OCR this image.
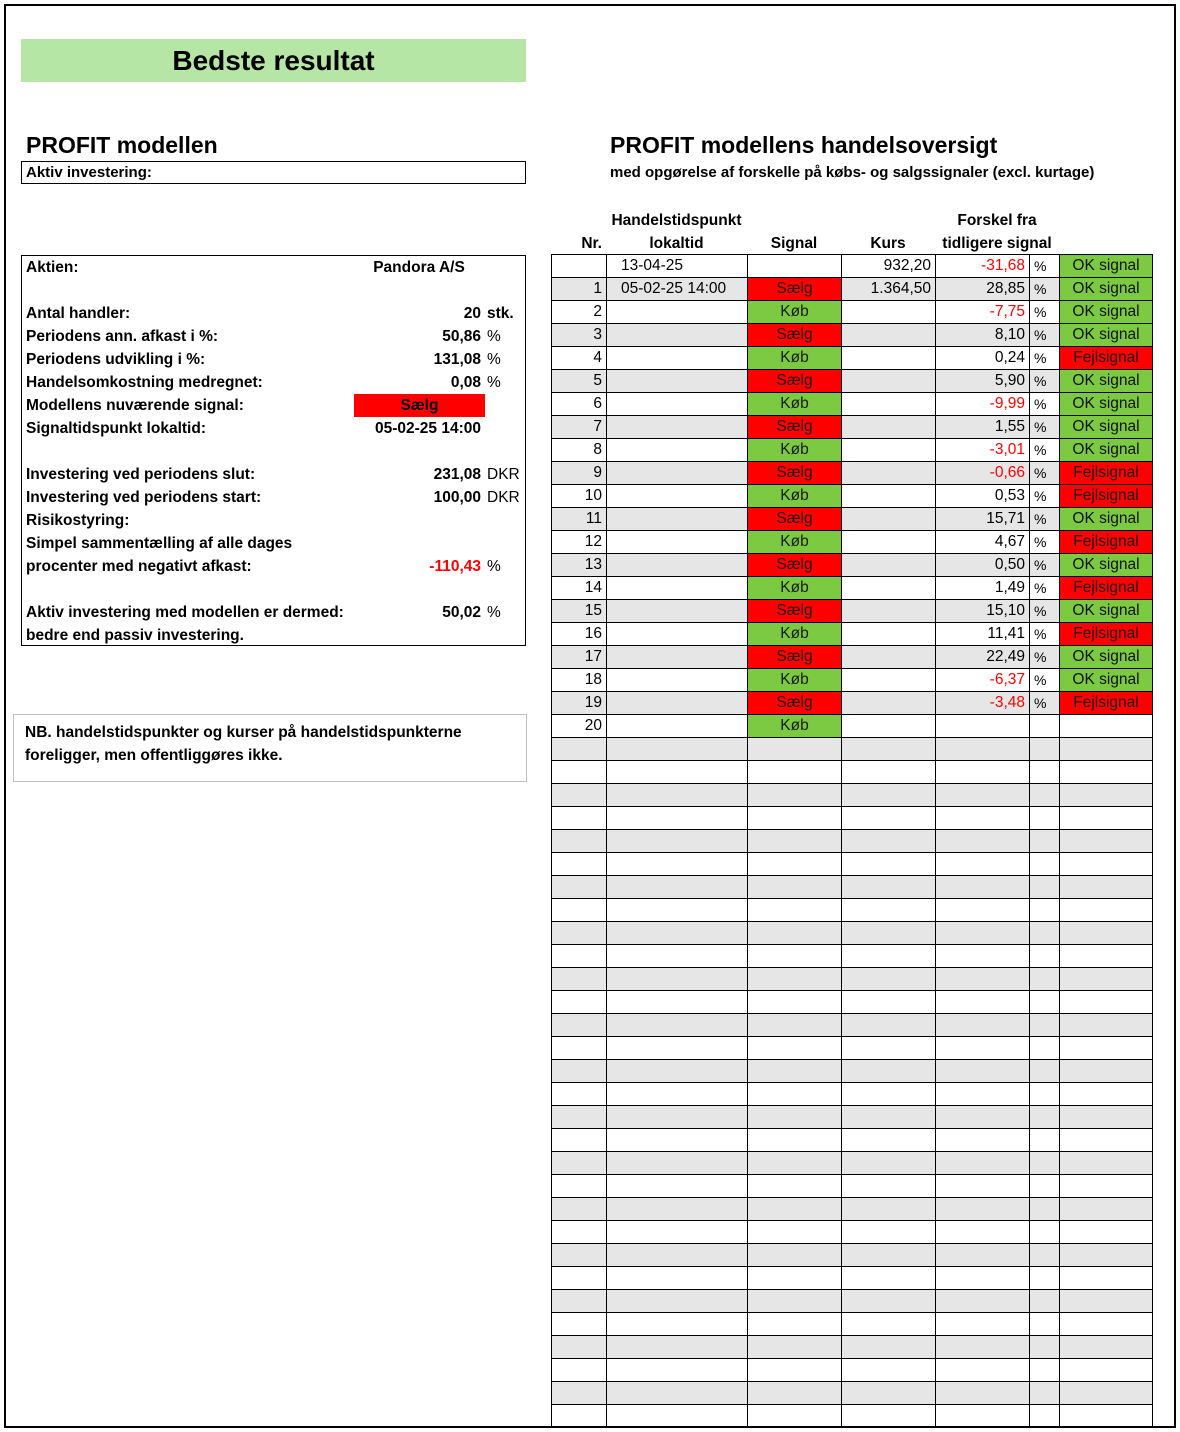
Bedste resultat
PROFIT modellen
Aktiv investering:
PROFIT modellens handelsoversigt
med opgørelse af forskelle på købs- og salgssignaler (excl. kurtage)
Aktien:	Pandora A/S
Antal handler:	20 stk.
Periodens ann. afkast i %:	50,86 %
Periodens udvikling i %:	131,08 %
Handelsomkostning medregnet:	0,08 %
Modellens nuværende signal:	Sælg
Signaltidspunkt lokaltid:	05-02-25 14:00
Investering ved periodens slut:	231,08 DKR
Investering ved periodens start:	100,00 DKR
Risikostyring:
Simpel sammentælling af alle dages
procenter med negativt afkast:	-110,43 %
Aktiv investering med modellen er dermed:	50,02 %
bedre end passiv investering.
NB. handelstidspunkter og kurser på handelstidspunkterne
foreligger, men offentliggøres ikke.
Nr.
Handelstidspunkt
lokaltid	Signal	Kurs
Forskel fra
tidligere signal
	13-04-25		932,20	-31,68	%	OK signal
1	05-02-25 14:00	Sælg	1.364,50	28,85	%	OK signal
2		Køb		-7,75	%	OK signal
3		Sælg		8,10	%	OK signal
4		Køb		0,24	%	Fejlsignal
5		Sælg		5,90	%	OK signal
6		Køb		-9,99	%	OK signal
7		Sælg		1,55	%	OK signal
8		Køb		-3,01	%	OK signal
9		Sælg		-0,66	%	Fejlsignal
10		Køb		0,53	%	Fejlsignal
11		Sælg		15,71	%	OK signal
12		Køb		4,67	%	Fejlsignal
13		Sælg		0,50	%	OK signal
14		Køb		1,49	%	Fejlsignal
15		Sælg		15,10	%	OK signal
16		Køb		11,41	%	Fejlsignal
17		Sælg		22,49	%	OK signal
18		Køb		-6,37	%	OK signal
19		Sælg		-3,48	%	Fejlsignal
20		Køb				
